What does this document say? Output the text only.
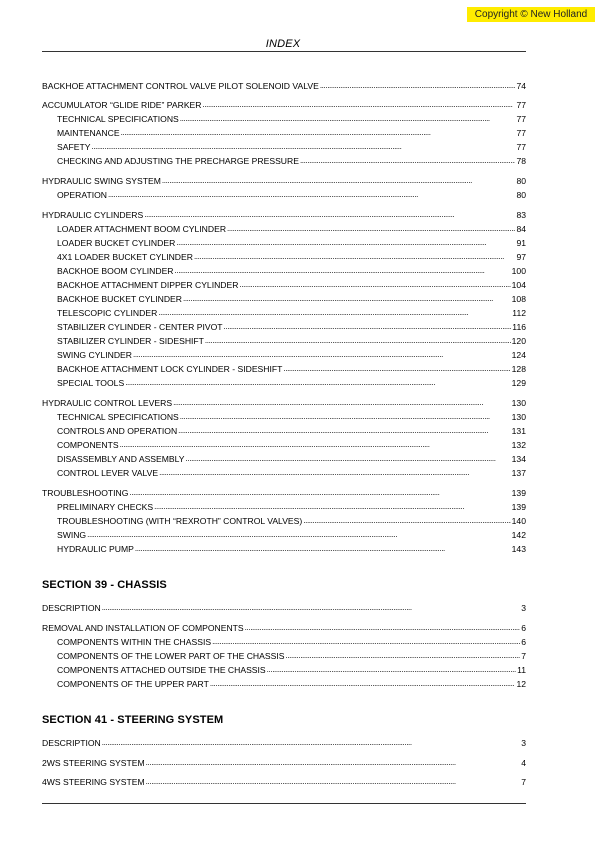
Copyright © New Holland
INDEX
BACKHOE ATTACHMENT CONTROL VALVE PILOT SOLENOID VALVE . . .	74
ACCUMULATOR “GLIDE RIDE” PARKER . . .	77
TECHNICAL SPECIFICATIONS . . .	77
MAINTENANCE . . .	77
SAFETY . . .	77
CHECKING AND ADJUSTING THE PRECHARGE PRESSURE . . .	78
HYDRAULIC SWING SYSTEM . . .	80
OPERATION . . .	80
HYDRAULIC CYLINDERS . . .	83
LOADER ATTACHMENT BOOM CYLINDER . . .	84
LOADER BUCKET CYLINDER . . .	91
4X1 LOADER BUCKET CYLINDER . . .	97
BACKHOE BOOM CYLINDER . . .	100
BACKHOE ATTACHMENT DIPPER CYLINDER . . .	104
BACKHOE BUCKET CYLINDER . . .	108
TELESCOPIC CYLINDER . . .	112
STABILIZER CYLINDER - CENTER PIVOT . . .	116
STABILIZER CYLINDER - SIDESHIFT . . .	120
SWING CYLINDER . . .	124
BACKHOE ATTACHMENT LOCK CYLINDER - SIDESHIFT . . .	128
SPECIAL TOOLS . . .	129
HYDRAULIC CONTROL LEVERS . . .	130
TECHNICAL SPECIFICATIONS . . .	130
CONTROLS AND OPERATION . . .	131
COMPONENTS . . .	132
DISASSEMBLY AND ASSEMBLY . . .	134
CONTROL LEVER VALVE . . .	137
TROUBLESHOOTING . . .	139
PRELIMINARY CHECKS . . .	139
TROUBLESHOOTING (WITH “REXROTH” CONTROL VALVES) . . .	140
SWING . . .	142
HYDRAULIC PUMP . . .	143
SECTION 39 - CHASSIS
DESCRIPTION . . .	3
REMOVAL AND INSTALLATION OF COMPONENTS . . .	6
COMPONENTS WITHIN THE CHASSIS . . .	6
COMPONENTS OF THE LOWER PART OF THE CHASSIS . . .	7
COMPONENTS ATTACHED OUTSIDE THE CHASSIS . . .	11
COMPONENTS OF THE UPPER PART . . .	12
SECTION 41 - STEERING SYSTEM
DESCRIPTION . . .	3
2WS STEERING SYSTEM . . .	4
4WS STEERING SYSTEM . . .	7
